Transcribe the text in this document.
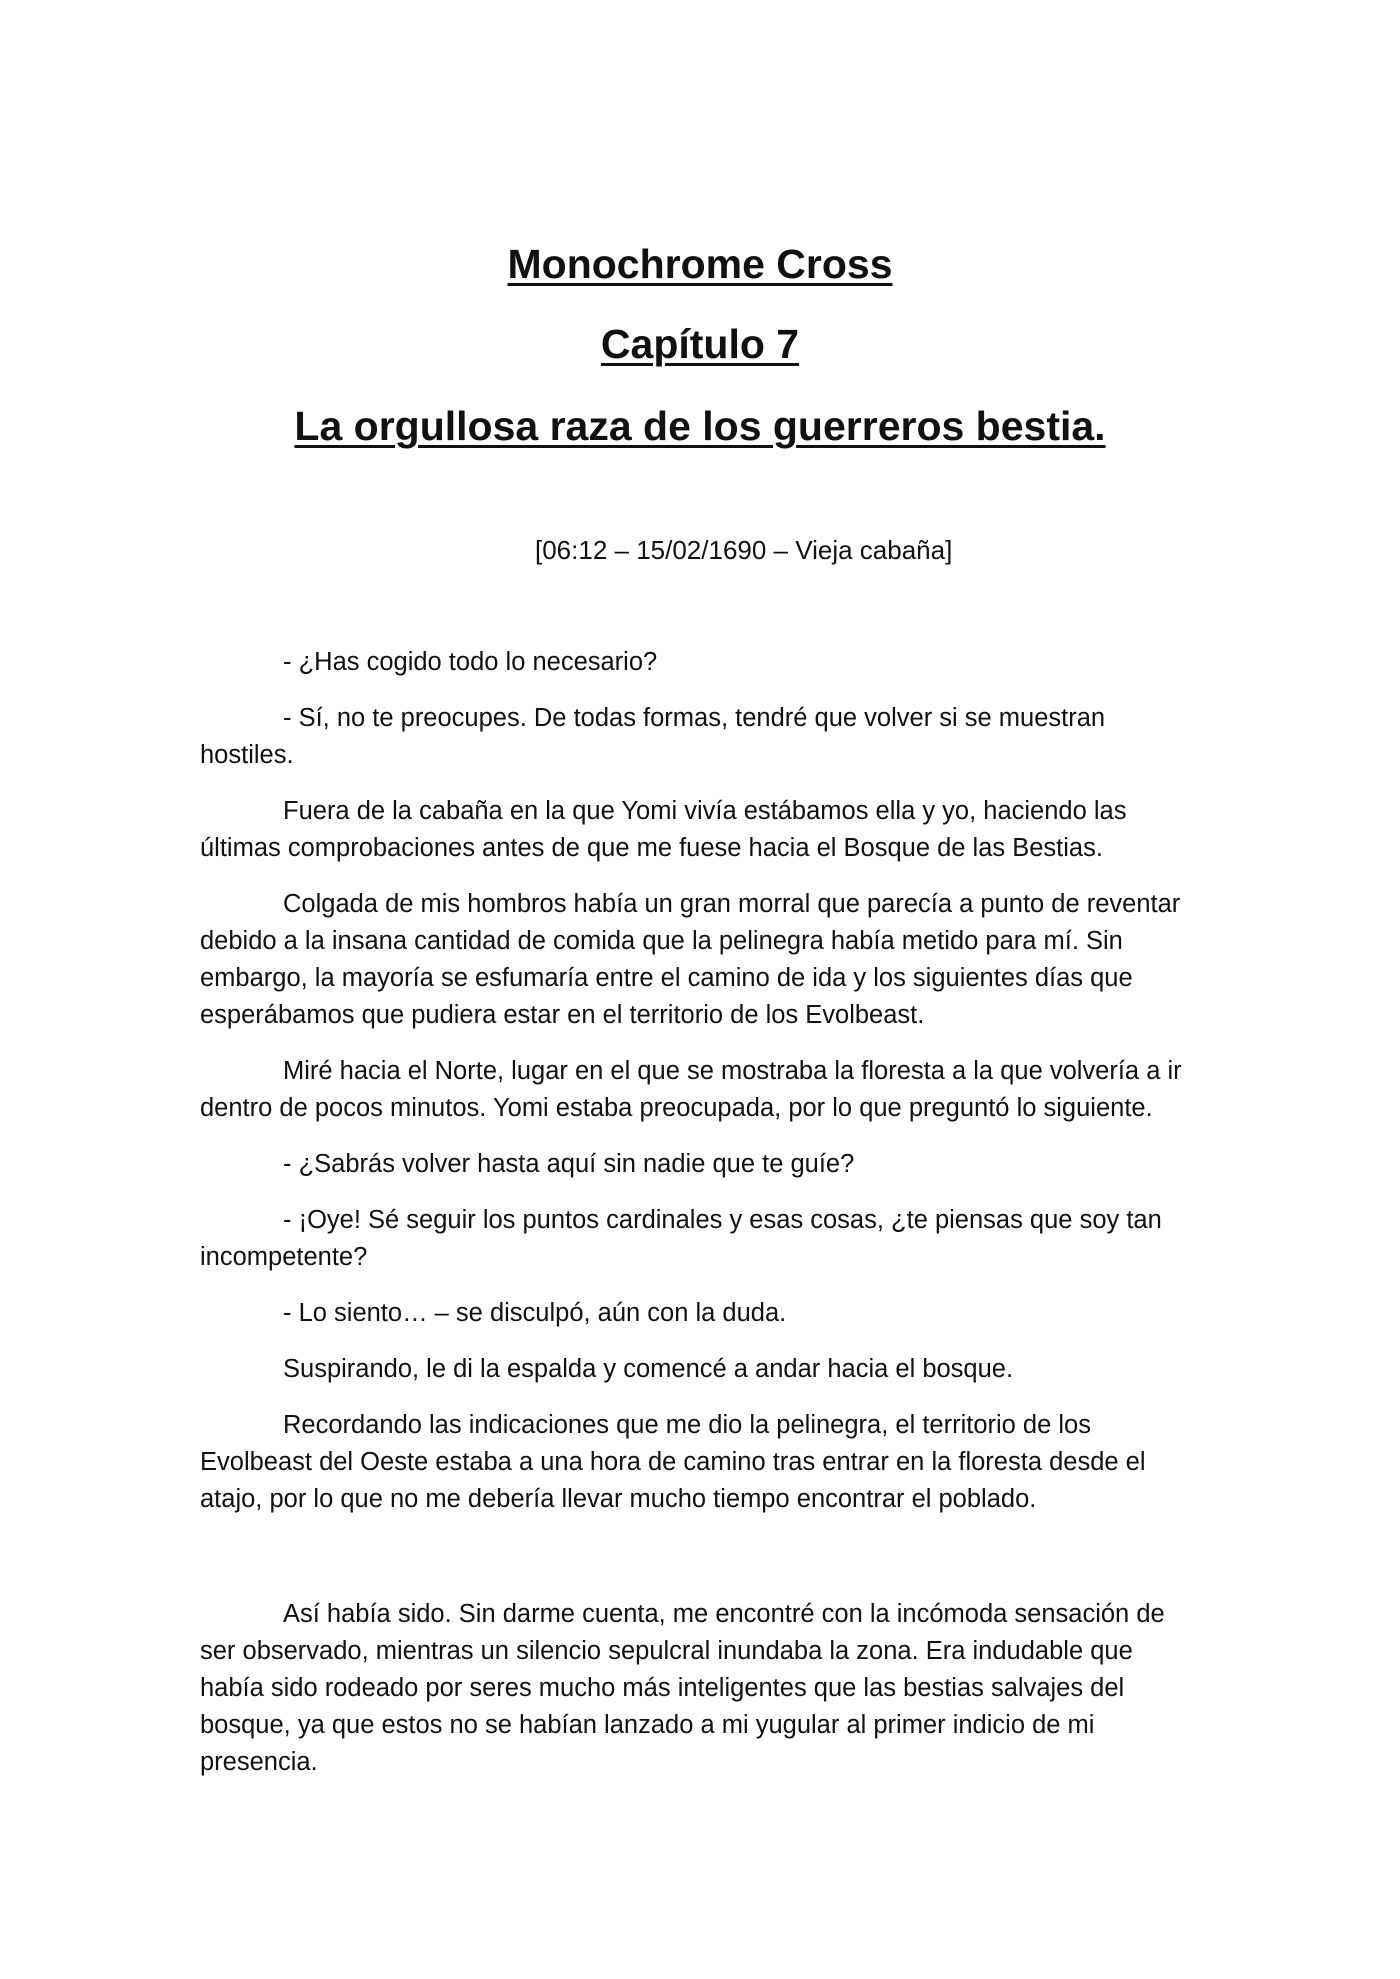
Monochrome Cross
Capítulo 7
La orgullosa raza de los guerreros bestia.
[06:12 – 15/02/1690 – Vieja cabaña]

- ¿Has cogido todo lo necesario?

- Sí, no te preocupes. De todas formas, tendré que volver si se muestran hostiles.

Fuera de la cabaña en la que Yomi vivía estábamos ella y yo, haciendo las últimas comprobaciones antes de que me fuese hacia el Bosque de las Bestias.

Colgada de mis hombros había un gran morral que parecía a punto de reventar debido a la insana cantidad de comida que la pelinegra había metido para mí. Sin embargo, la mayoría se esfumaría entre el camino de ida y los siguientes días que esperábamos que pudiera estar en el territorio de los Evolbeast.

Miré hacia el Norte, lugar en el que se mostraba la floresta a la que volvería a ir dentro de pocos minutos. Yomi estaba preocupada, por lo que preguntó lo siguiente.

- ¿Sabrás volver hasta aquí sin nadie que te guíe?

- ¡Oye! Sé seguir los puntos cardinales y esas cosas, ¿te piensas que soy tan incompetente?

- Lo siento… – se disculpó, aún con la duda.

Suspirando, le di la espalda y comencé a andar hacia el bosque.

Recordando las indicaciones que me dio la pelinegra, el territorio de los Evolbeast del Oeste estaba a una hora de camino tras entrar en la floresta desde el atajo, por lo que no me debería llevar mucho tiempo encontrar el poblado.

Así había sido. Sin darme cuenta, me encontré con la incómoda sensación de ser observado, mientras un silencio sepulcral inundaba la zona. Era indudable que había sido rodeado por seres mucho más inteligentes que las bestias salvajes del bosque, ya que estos no se habían lanzado a mi yugular al primer indicio de mi presencia.
